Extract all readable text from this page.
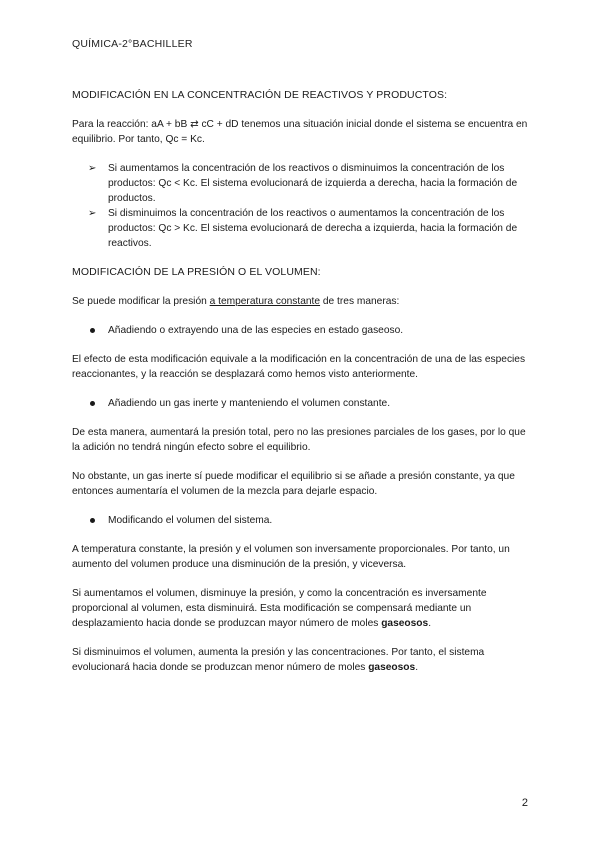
QUÍMICA-2°BACHILLER

MODIFICACIÓN EN LA CONCENTRACIÓN DE REACTIVOS Y PRODUCTOS:

Para la reacción: aA + bB ⇄ cC + dD tenemos una situación inicial donde el sistema se encuentra en equilibrio. Por tanto, Qc = Kc.

➢ Si aumentamos la concentración de los reactivos o disminuimos la concentración de los productos: Qc < Kc. El sistema evolucionará de izquierda a derecha, hacia la formación de productos.
➢ Si disminuimos la concentración de los reactivos o aumentamos la concentración de los productos: Qc > Kc. El sistema evolucionará de derecha a izquierda, hacia la formación de reactivos.

MODIFICACIÓN DE LA PRESIÓN O EL VOLUMEN:

Se puede modificar la presión a temperatura constante de tres maneras:

Añadiendo o extrayendo una de las especies en estado gaseoso.

El efecto de esta modificación equivale a la modificación en la concentración de una de las especies reaccionantes, y la reacción se desplazará como hemos visto anteriormente.

Añadiendo un gas inerte y manteniendo el volumen constante.

De esta manera, aumentará la presión total, pero no las presiones parciales de los gases, por lo que la adición no tendrá ningún efecto sobre el equilibrio.

No obstante, un gas inerte sí puede modificar el equilibrio si se añade a presión constante, ya que entonces aumentaría el volumen de la mezcla para dejarle espacio.

Modificando el volumen del sistema.

A temperatura constante, la presión y el volumen son inversamente proporcionales. Por tanto, un aumento del volumen produce una disminución de la presión, y viceversa.

Si aumentamos el volumen, disminuye la presión, y como la concentración es inversamente proporcional al volumen, esta disminuirá. Esta modificación se compensará mediante un desplazamiento hacia donde se produzcan mayor número de moles gaseosos.

Si disminuimos el volumen, aumenta la presión y las concentraciones. Por tanto, el sistema evolucionará hacia donde se produzcan menor número de moles gaseosos.

2
